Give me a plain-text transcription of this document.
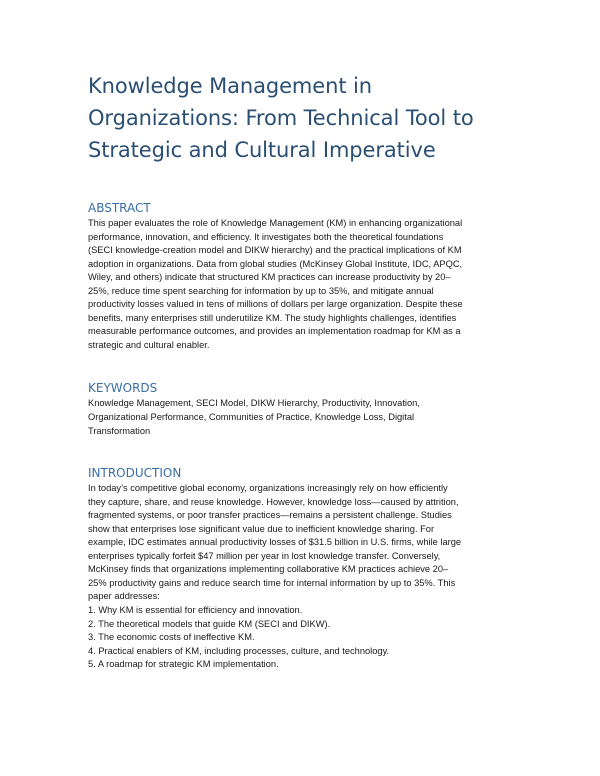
Knowledge Management in
Organizations: From Technical Tool to
Strategic and Cultural Imperative
ABSTRACT

This paper evaluates the role of Knowledge Management (KM) in enhancing organizational
performance, innovation, and efficiency. It investigates both the theoretical foundations
(SECI knowledge-creation model and DIKW hierarchy) and the practical implications of KM
adoption in organizations. Data from global studies (McKinsey Global Institute, IDC, APQC,
Wiley, and others) indicate that structured KM practices can increase productivity by 20–
25%, reduce time spent searching for information by up to 35%, and mitigate annual
productivity losses valued in tens of millions of dollars per large organization. Despite these
benefits, many enterprises still underutilize KM. The study highlights challenges, identifies
measurable performance outcomes, and provides an implementation roadmap for KM as a
strategic and cultural enabler.

KEYWORDS

Knowledge Management, SECI Model, DIKW Hierarchy, Productivity, Innovation,
Organizational Performance, Communities of Practice, Knowledge Loss, Digital
Transformation

INTRODUCTION

In today’s competitive global economy, organizations increasingly rely on how efficiently
they capture, share, and reuse knowledge. However, knowledge loss—caused by attrition,
fragmented systems, or poor transfer practices—remains a persistent challenge. Studies
show that enterprises lose significant value due to inefficient knowledge sharing. For
example, IDC estimates annual productivity losses of $31.5 billion in U.S. firms, while large
enterprises typically forfeit $47 million per year in lost knowledge transfer. Conversely,
McKinsey finds that organizations implementing collaborative KM practices achieve 20–
25% productivity gains and reduce search time for internal information by up to 35%. This
paper addresses:

1. Why KM is essential for efficiency and innovation.
2. The theoretical models that guide KM (SECI and DIKW).
3. The economic costs of ineffective KM.
4. Practical enablers of KM, including processes, culture, and technology.
5. A roadmap for strategic KM implementation.
